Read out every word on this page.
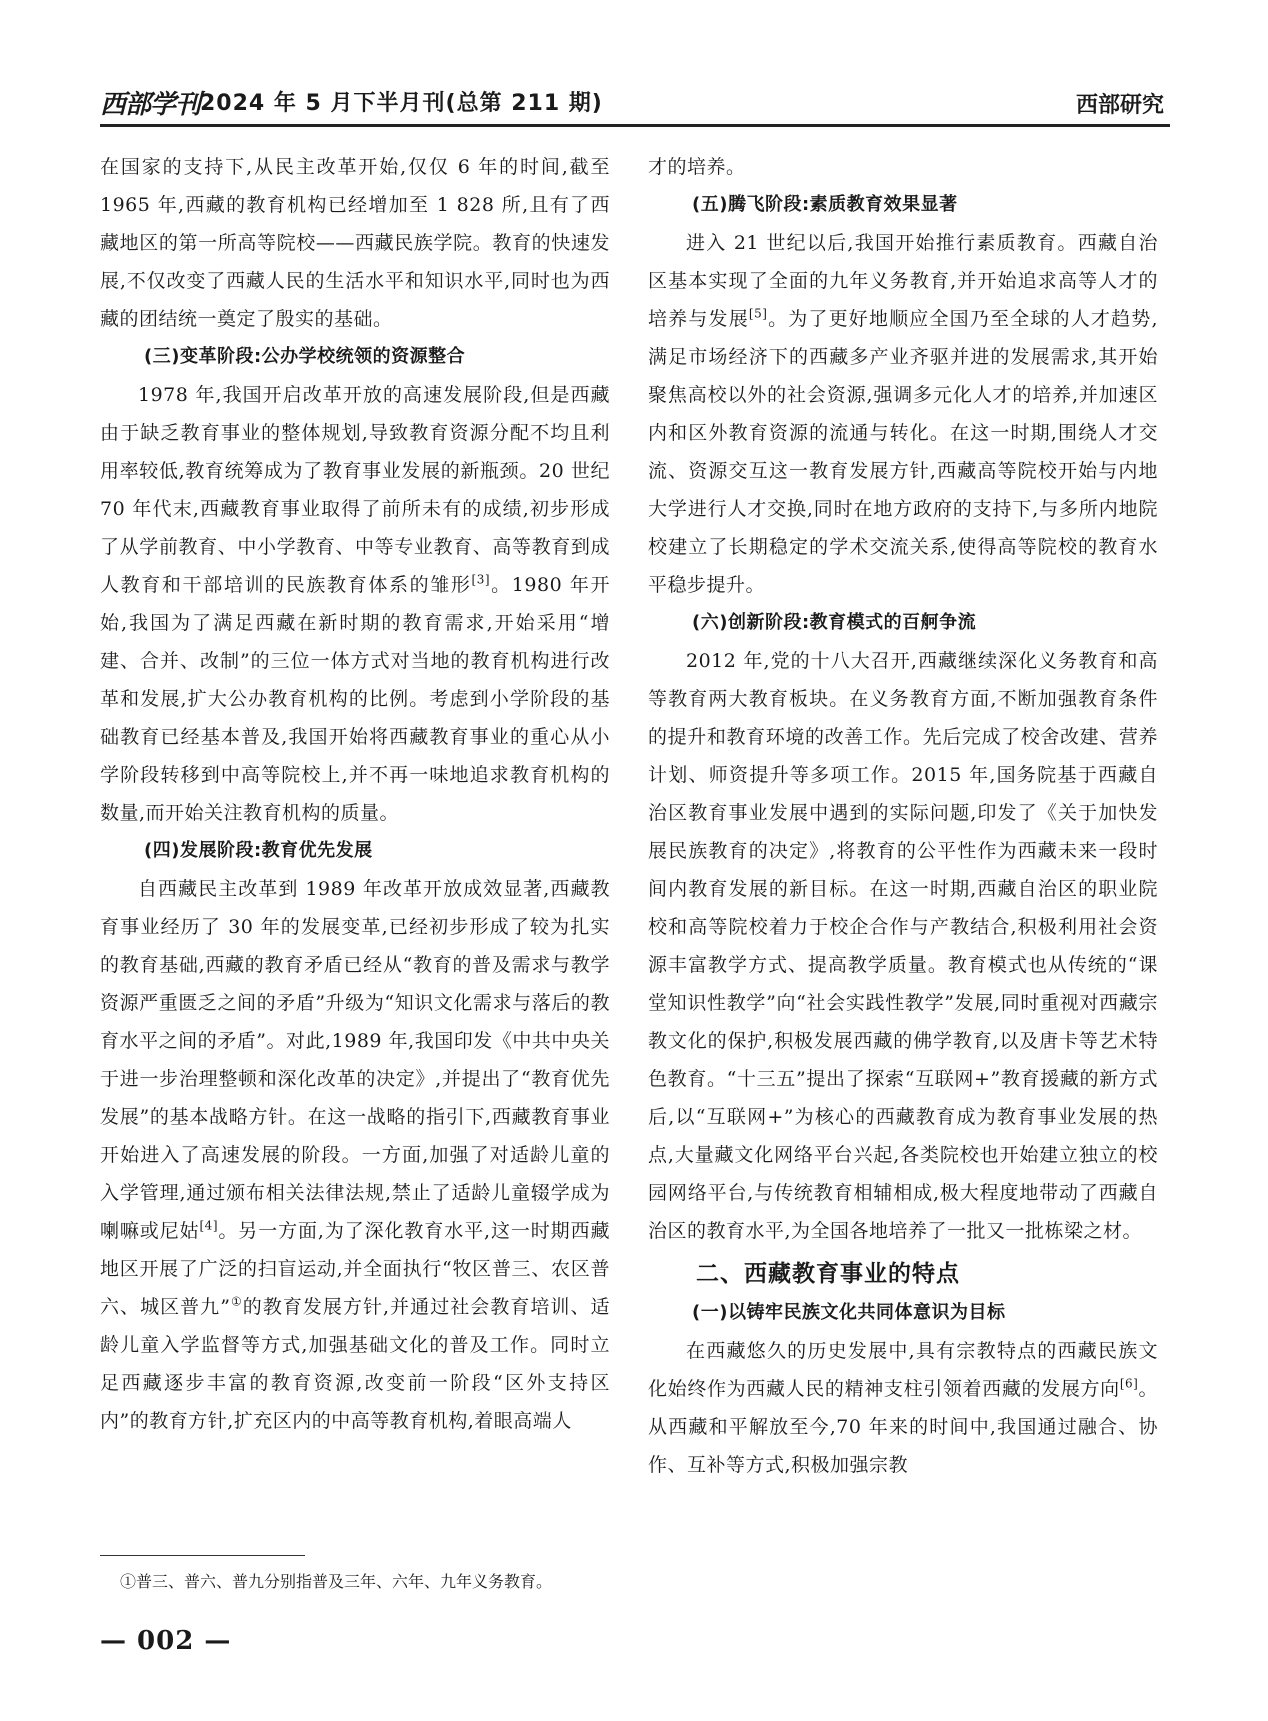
西部学刊 2024 年 5 月下半月刊(总第 211 期)	西部研究

在国家的支持下,从民主改革开始,仅仅 6 年的时间,截至 1965 年,西藏的教育机构已经增加至 1 828 所,且有了西藏地区的第一所高等院校——西藏民族学院。教育的快速发展,不仅改变了西藏人民的生活水平和知识水平,同时也为西藏的团结统一奠定了殷实的基础。

(三)变革阶段:公办学校统领的资源整合

1978 年,我国开启改革开放的高速发展阶段,但是西藏由于缺乏教育事业的整体规划,导致教育资源分配不均且利用率较低,教育统筹成为了教育事业发展的新瓶颈。20 世纪 70 年代末,西藏教育事业取得了前所未有的成绩,初步形成了从学前教育、中小学教育、中等专业教育、高等教育到成人教育和干部培训的民族教育体系的雏形[3]。1980 年开始,我国为了满足西藏在新时期的教育需求,开始采用“增建、合并、改制”的三位一体方式对当地的教育机构进行改革和发展,扩大公办教育机构的比例。考虑到小学阶段的基础教育已经基本普及,我国开始将西藏教育事业的重心从小学阶段转移到中高等院校上,并不再一味地追求教育机构的数量,而开始关注教育机构的质量。

(四)发展阶段:教育优先发展

自西藏民主改革到 1989 年改革开放成效显著,西藏教育事业经历了 30 年的发展变革,已经初步形成了较为扎实的教育基础,西藏的教育矛盾已经从“教育的普及需求与教学资源严重匮乏之间的矛盾”升级为“知识文化需求与落后的教育水平之间的矛盾”。对此,1989 年,我国印发《中共中央关于进一步治理整顿和深化改革的决定》,并提出了“教育优先发展”的基本战略方针。在这一战略的指引下,西藏教育事业开始进入了高速发展的阶段。一方面,加强了对适龄儿童的入学管理,通过颁布相关法律法规,禁止了适龄儿童辍学成为喇嘛或尼姑[4]。另一方面,为了深化教育水平,这一时期西藏地区开展了广泛的扫盲运动,并全面执行“牧区普三、农区普六、城区普九”①的教育发展方针,并通过社会教育培训、适龄儿童入学监督等方式,加强基础文化的普及工作。同时立足西藏逐步丰富的教育资源,改变前一阶段“区外支持区内”的教育方针,扩充区内的中高等教育机构,着眼高端人

才的培养。

(五)腾飞阶段:素质教育效果显著

进入 21 世纪以后,我国开始推行素质教育。西藏自治区基本实现了全面的九年义务教育,并开始追求高等人才的培养与发展[5]。为了更好地顺应全国乃至全球的人才趋势,满足市场经济下的西藏多产业齐驱并进的发展需求,其开始聚焦高校以外的社会资源,强调多元化人才的培养,并加速区内和区外教育资源的流通与转化。在这一时期,围绕人才交流、资源交互这一教育发展方针,西藏高等院校开始与内地大学进行人才交换,同时在地方政府的支持下,与多所内地院校建立了长期稳定的学术交流关系,使得高等院校的教育水平稳步提升。

(六)创新阶段:教育模式的百舸争流

2012 年,党的十八大召开,西藏继续深化义务教育和高等教育两大教育板块。在义务教育方面,不断加强教育条件的提升和教育环境的改善工作。先后完成了校舍改建、营养计划、师资提升等多项工作。2015 年,国务院基于西藏自治区教育事业发展中遇到的实际问题,印发了《关于加快发展民族教育的决定》,将教育的公平性作为西藏未来一段时间内教育发展的新目标。在这一时期,西藏自治区的职业院校和高等院校着力于校企合作与产教结合,积极利用社会资源丰富教学方式、提高教学质量。教育模式也从传统的“课堂知识性教学”向“社会实践性教学”发展,同时重视对西藏宗教文化的保护,积极发展西藏的佛学教育,以及唐卡等艺术特色教育。“十三五”提出了探索“互联网+”教育援藏的新方式后,以“互联网+”为核心的西藏教育成为教育事业发展的热点,大量藏文化网络平台兴起,各类院校也开始建立独立的校园网络平台,与传统教育相辅相成,极大程度地带动了西藏自治区的教育水平,为全国各地培养了一批又一批栋梁之材。

二、西藏教育事业的特点
(一)以铸牢民族文化共同体意识为目标

在西藏悠久的历史发展中,具有宗教特点的西藏民族文化始终作为西藏人民的精神支柱引领着西藏的发展方向[6]。从西藏和平解放至今,70 年来的时间中,我国通过融合、协作、互补等方式,积极加强宗教

①普三、普六、普九分别指普及三年、六年、九年义务教育。
— 002 —
